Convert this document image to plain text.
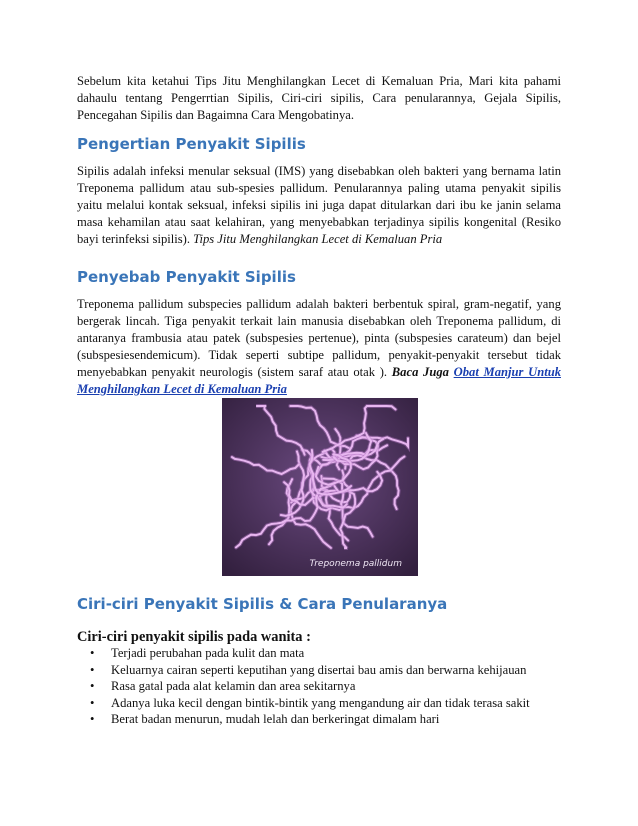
Sebelum kita ketahui Tips Jitu Menghilangkan Lecet di Kemaluan Pria, Mari kita pahami dahaulu tentang Pengerrtian Sipilis, Ciri-ciri sipilis, Cara penularannya, Gejala Sipilis, Pencegahan Sipilis dan Bagaimna Cara Mengobatinya.

Pengertian Penyakit Sipilis

Sipilis adalah infeksi menular seksual (IMS) yang disebabkan oleh bakteri yang bernama latin Treponema pallidum atau sub-spesies pallidum. Penularannya paling utama penyakit sipilis yaitu melalui kontak seksual, infeksi sipilis ini juga dapat ditularkan dari ibu ke janin selama masa kehamilan atau saat kelahiran, yang menyebabkan terjadinya sipilis kongenital (Resiko bayi terinfeksi sipilis). Tips Jitu Menghilangkan Lecet di Kemaluan Pria

Penyebab Penyakit Sipilis

Treponema pallidum subspecies pallidum adalah bakteri berbentuk spiral, gram-negatif, yang bergerak lincah. Tiga penyakit terkait lain manusia disebabkan oleh Treponema pallidum, di antaranya frambusia atau patek (subspesies pertenue), pinta (subspesies carateum) dan bejel (subspesiesendemicum). Tidak seperti subtipe pallidum, penyakit-penyakit tersebut tidak menyebabkan penyakit neurologis (sistem saraf atau otak ). Baca Juga Obat Manjur Untuk Menghilangkan Lecet di Kemaluan Pria

Treponema pallidum
Ciri-ciri Penyakit Sipilis & Cara Penularanya

Ciri-ciri penyakit sipilis pada wanita :

• Terjadi perubahan pada kulit dan mata
• Keluarnya cairan seperti keputihan yang disertai bau amis dan berwarna kehijauan
• Rasa gatal pada alat kelamin dan area sekitarnya
• Adanya luka kecil dengan bintik-bintik yang mengandung air dan tidak terasa sakit
• Berat badan menurun, mudah lelah dan berkeringat dimalam hari
